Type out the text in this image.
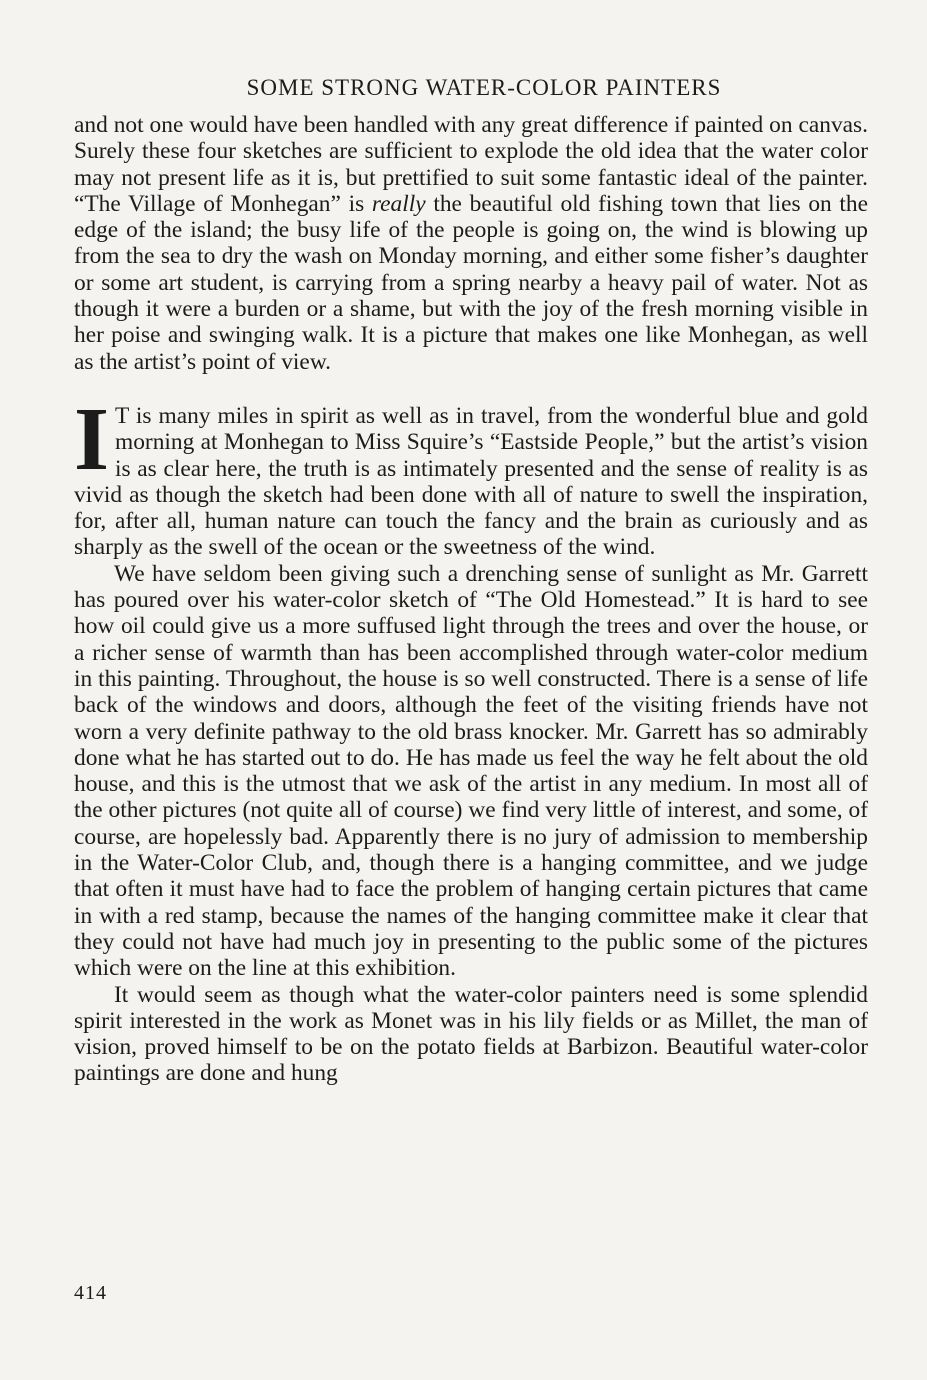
SOME STRONG WATER-COLOR PAINTERS

and not one would have been handled with any great difference if painted on canvas. Surely these four sketches are sufficient to explode the old idea that the water color may not present life as it is, but prettified to suit some fantastic ideal of the painter. “The Village of Monhegan” is really the beautiful old fishing town that lies on the edge of the island; the busy life of the people is going on, the wind is blowing up from the sea to dry the wash on Monday morning, and either some fisher’s daughter or some art student, is carrying from a spring nearby a heavy pail of water. Not as though it were a burden or a shame, but with the joy of the fresh morning visible in her poise and swinging walk. It is a picture that makes one like Monhegan, as well as the artist’s point of view.

I T is many miles in spirit as well as in travel, from the wonderful blue and gold morning at Monhegan to Miss Squire’s “Eastside People,” but the artist’s vision is as clear here, the truth is as intimately presented and the sense of reality is as vivid as though the sketch had been done with all of nature to swell the inspiration, for, after all, human nature can touch the fancy and the brain as curiously and as sharply as the swell of the ocean or the sweetness of the wind.

We have seldom been giving such a drenching sense of sunlight as Mr. Garrett has poured over his water-color sketch of “The Old Homestead.” It is hard to see how oil could give us a more suffused light through the trees and over the house, or a richer sense of warmth than has been accomplished through water-color medium in this painting. Throughout, the house is so well constructed. There is a sense of life back of the windows and doors, although the feet of the visiting friends have not worn a very definite pathway to the old brass knocker. Mr. Garrett has so admirably done what he has started out to do. He has made us feel the way he felt about the old house, and this is the utmost that we ask of the artist in any medium. In most all of the other pictures (not quite all of course) we find very little of interest, and some, of course, are hopelessly bad. Apparently there is no jury of admission to membership in the Water-Color Club, and, though there is a hanging committee, and we judge that often it must have had to face the problem of hanging certain pictures that came in with a red stamp, because the names of the hanging committee make it clear that they could not have had much joy in presenting to the public some of the pictures which were on the line at this exhibition.

It would seem as though what the water-color painters need is some splendid spirit interested in the work as Monet was in his lily fields or as Millet, the man of vision, proved himself to be on the potato fields at Barbizon. Beautiful water-color paintings are done and hung

414
